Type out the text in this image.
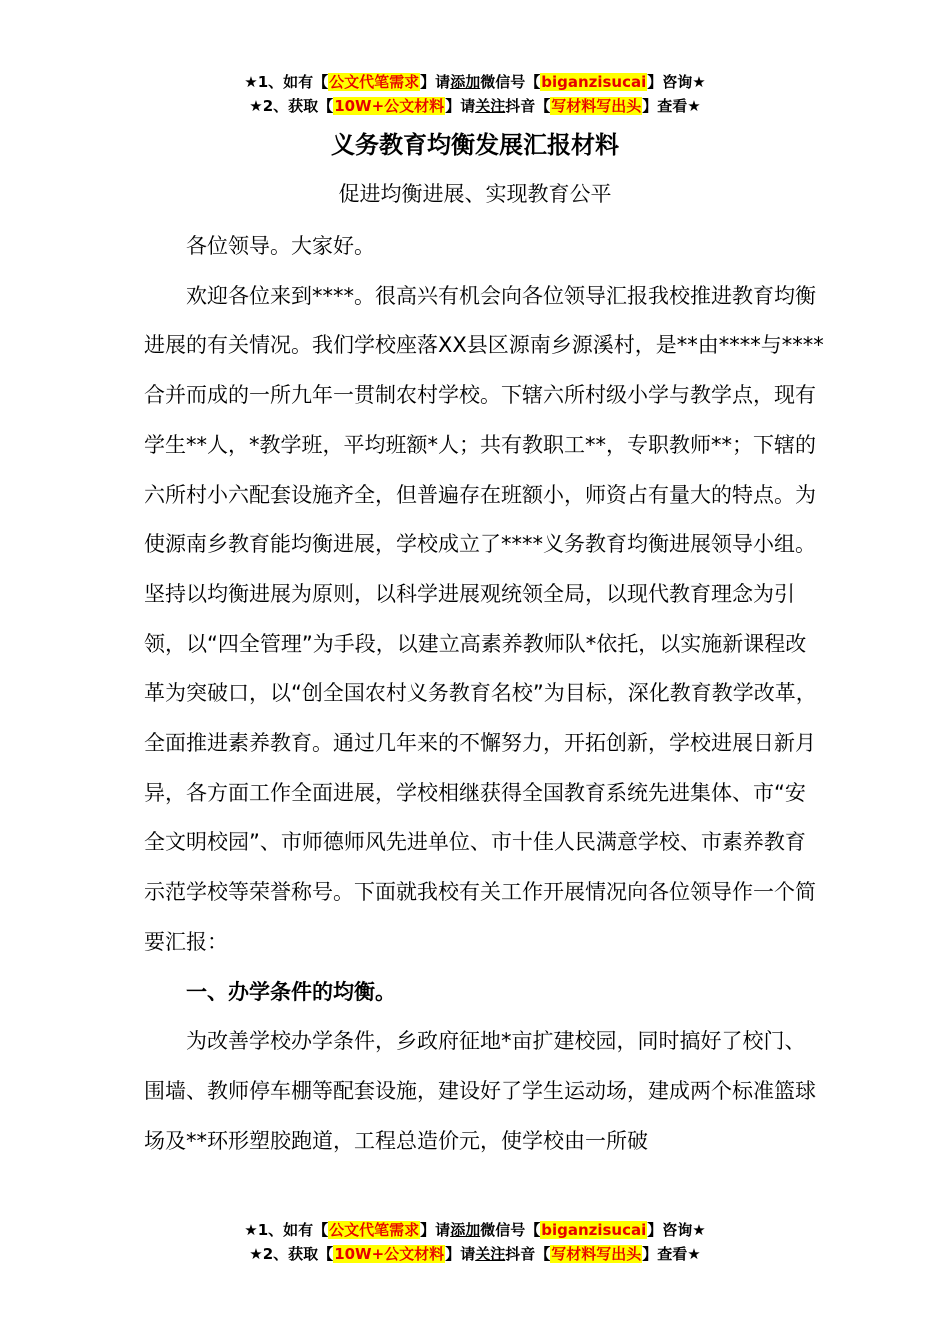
★1、如有【公文代笔需求】请添加微信号【biganzisucai】咨询★
★2、获取【10W+公文材料】请关注抖音【写材料写出头】查看★
义务教育均衡发展汇报材料
促进均衡进展、实现教育公平

各位领导。大家好。

欢迎各位来到****。很高兴有机会向各位领导汇报我校推进教育均衡进展的有关情况。我们学校座落XX县区源南乡源溪村，是**由****与****合并而成的一所九年一贯制农村学校。下辖六所村级小学与教学点，现有学生**人，*教学班，平均班额*人；共有教职工**，专职教师**；下辖的六所村小六配套设施齐全，但普遍存在班额小，师资占有量大的特点。为使源南乡教育能均衡进展，学校成立了****义务教育均衡进展领导小组。坚持以均衡进展为原则，以科学进展观统领全局，以现代教育理念为引领，以“四全管理”为手段，以建立高素养教师队*依托，以实施新课程改革为突破口，以“创全国农村义务教育名校”为目标，深化教育教学改革，全面推进素养教育。通过几年来的不懈努力，开拓创新，学校进展日新月异，各方面工作全面进展，学校相继获得全国教育系统先进集体、市“安全文明校园”、市师德师风先进单位、市十佳人民满意学校、市素养教育示范学校等荣誉称号。下面就我校有关工作开展情况向各位领导作一个简要汇报：

一、办学条件的均衡。

为改善学校办学条件，乡政府征地*亩扩建校园，同时搞好了校门、围墙、教师停车棚等配套设施，建设好了学生运动场，建成两个标准篮球场及**环形塑胶跑道，工程总造价元，使学校由一所破

★1、如有【公文代笔需求】请添加微信号【biganzisucai】咨询★
★2、获取【10W+公文材料】请关注抖音【写材料写出头】查看★
